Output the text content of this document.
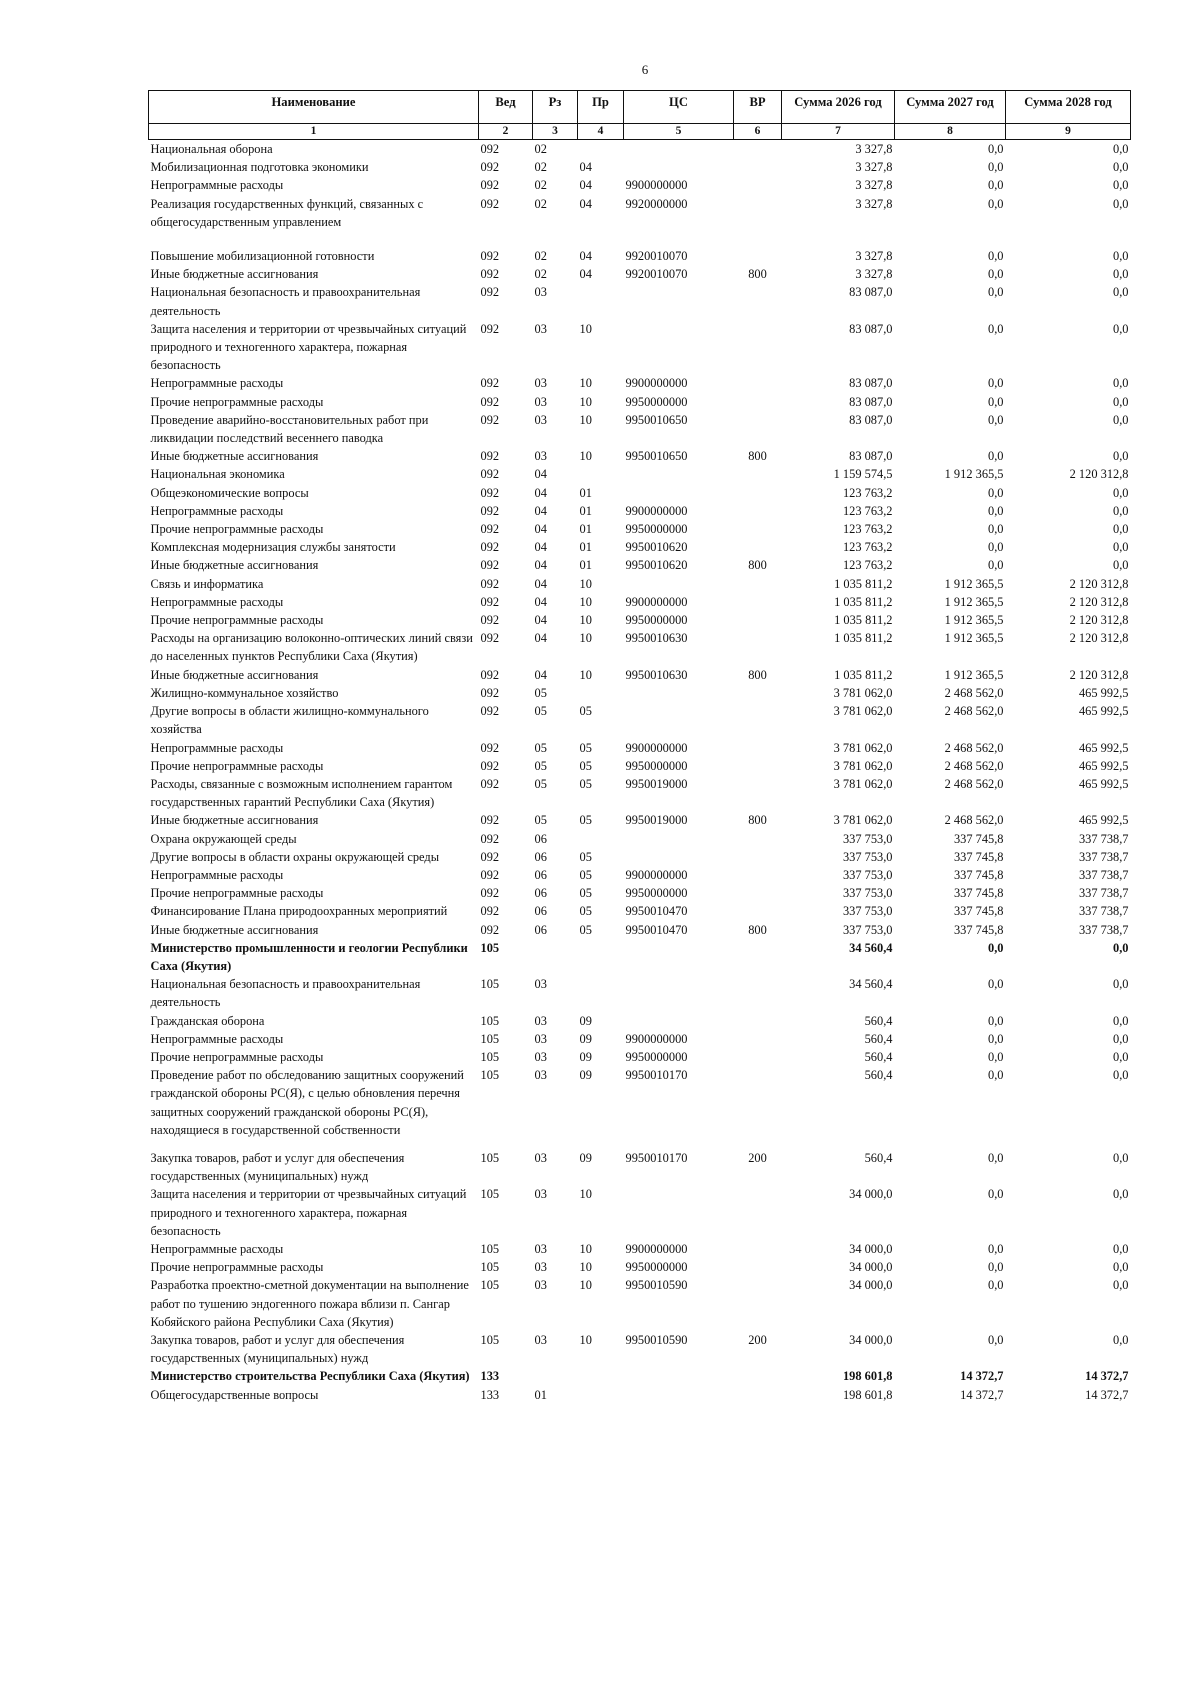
6
Наименование	Вед	Рз	Пр	ЦС	ВР	Сумма 2026 год	Сумма 2027 год	Сумма 2028 год
1	2	3	4	5	6	7	8	9
Национальная оборона	092	02				3 327,8	0,0	0,0
Мобилизационная подготовка экономики	092	02	04			3 327,8	0,0	0,0
Непрограммные расходы	092	02	04	9900000000		3 327,8	0,0	0,0
Реализация государственных функций, связанных с общегосударственным управлением	092	02	04	9920000000		3 327,8	0,0	0,0
Повышение мобилизационной готовности	092	02	04	9920010070		3 327,8	0,0	0,0
Иные бюджетные ассигнования	092	02	04	9920010070	800	3 327,8	0,0	0,0
Национальная безопасность и правоохранительная деятельность	092	03				83 087,0	0,0	0,0
Защита населения и территории от чрезвычайных ситуаций природного и техногенного характера, пожарная безопасность	092	03	10			83 087,0	0,0	0,0
Непрограммные расходы	092	03	10	9900000000		83 087,0	0,0	0,0
Прочие непрограммные расходы	092	03	10	9950000000		83 087,0	0,0	0,0
Проведение аварийно-восстановительных работ при ликвидации последствий весеннего паводка	092	03	10	9950010650		83 087,0	0,0	0,0
Иные бюджетные ассигнования	092	03	10	9950010650	800	83 087,0	0,0	0,0
Национальная экономика	092	04				1 159 574,5	1 912 365,5	2 120 312,8
Общеэкономические вопросы	092	04	01			123 763,2	0,0	0,0
Непрограммные расходы	092	04	01	9900000000		123 763,2	0,0	0,0
Прочие непрограммные расходы	092	04	01	9950000000		123 763,2	0,0	0,0
Комплексная модернизация службы занятости	092	04	01	9950010620		123 763,2	0,0	0,0
Иные бюджетные ассигнования	092	04	01	9950010620	800	123 763,2	0,0	0,0
Связь и информатика	092	04	10			1 035 811,2	1 912 365,5	2 120 312,8
Непрограммные расходы	092	04	10	9900000000		1 035 811,2	1 912 365,5	2 120 312,8
Прочие непрограммные расходы	092	04	10	9950000000		1 035 811,2	1 912 365,5	2 120 312,8
Расходы на организацию волоконно-оптических линий связи до населенных пунктов Республики Саха (Якутия)	092	04	10	9950010630		1 035 811,2	1 912 365,5	2 120 312,8
Иные бюджетные ассигнования	092	04	10	9950010630	800	1 035 811,2	1 912 365,5	2 120 312,8
Жилищно-коммунальное хозяйство	092	05				3 781 062,0	2 468 562,0	465 992,5
Другие вопросы в области жилищно-коммунального хозяйства	092	05	05			3 781 062,0	2 468 562,0	465 992,5
Непрограммные расходы	092	05	05	9900000000		3 781 062,0	2 468 562,0	465 992,5
Прочие непрограммные расходы	092	05	05	9950000000		3 781 062,0	2 468 562,0	465 992,5
Расходы, связанные с возможным исполнением гарантом государственных гарантий Республики Саха (Якутия)	092	05	05	9950019000		3 781 062,0	2 468 562,0	465 992,5
Иные бюджетные ассигнования	092	05	05	9950019000	800	3 781 062,0	2 468 562,0	465 992,5
Охрана окружающей среды	092	06				337 753,0	337 745,8	337 738,7
Другие вопросы в области охраны окружающей среды	092	06	05			337 753,0	337 745,8	337 738,7
Непрограммные расходы	092	06	05	9900000000		337 753,0	337 745,8	337 738,7
Прочие непрограммные расходы	092	06	05	9950000000		337 753,0	337 745,8	337 738,7
Финансирование Плана природоохранных мероприятий	092	06	05	9950010470		337 753,0	337 745,8	337 738,7
Иные бюджетные ассигнования	092	06	05	9950010470	800	337 753,0	337 745,8	337 738,7
Министерство промышленности и геологии Республики Саха (Якутия)	105					34 560,4	0,0	0,0
Национальная безопасность и правоохранительная деятельность	105	03				34 560,4	0,0	0,0
Гражданская оборона	105	03	09			560,4	0,0	0,0
Непрограммные расходы	105	03	09	9900000000		560,4	0,0	0,0
Прочие непрограммные расходы	105	03	09	9950000000		560,4	0,0	0,0
Проведение работ по обследованию защитных сооружений гражданской обороны РС(Я), с целью обновления перечня защитных сооружений гражданской обороны РС(Я), находящиеся в государственной собственности	105	03	09	9950010170		560,4	0,0	0,0
Закупка товаров, работ и услуг для обеспечения государственных (муниципальных) нужд	105	03	09	9950010170	200	560,4	0,0	0,0
Защита населения и территории от чрезвычайных ситуаций природного и техногенного характера, пожарная безопасность	105	03	10			34 000,0	0,0	0,0
Непрограммные расходы	105	03	10	9900000000		34 000,0	0,0	0,0
Прочие непрограммные расходы	105	03	10	9950000000		34 000,0	0,0	0,0
Разработка проектно-сметной документации на выполнение работ по тушению эндогенного пожара вблизи п. Сангар Кобяйского района Республики Саха (Якутия)	105	03	10	9950010590		34 000,0	0,0	0,0
Закупка товаров, работ и услуг для обеспечения государственных (муниципальных) нужд	105	03	10	9950010590	200	34 000,0	0,0	0,0
Министерство строительства Республики Саха (Якутия)	133					198 601,8	14 372,7	14 372,7
Общегосударственные вопросы	133	01				198 601,8	14 372,7	14 372,7
